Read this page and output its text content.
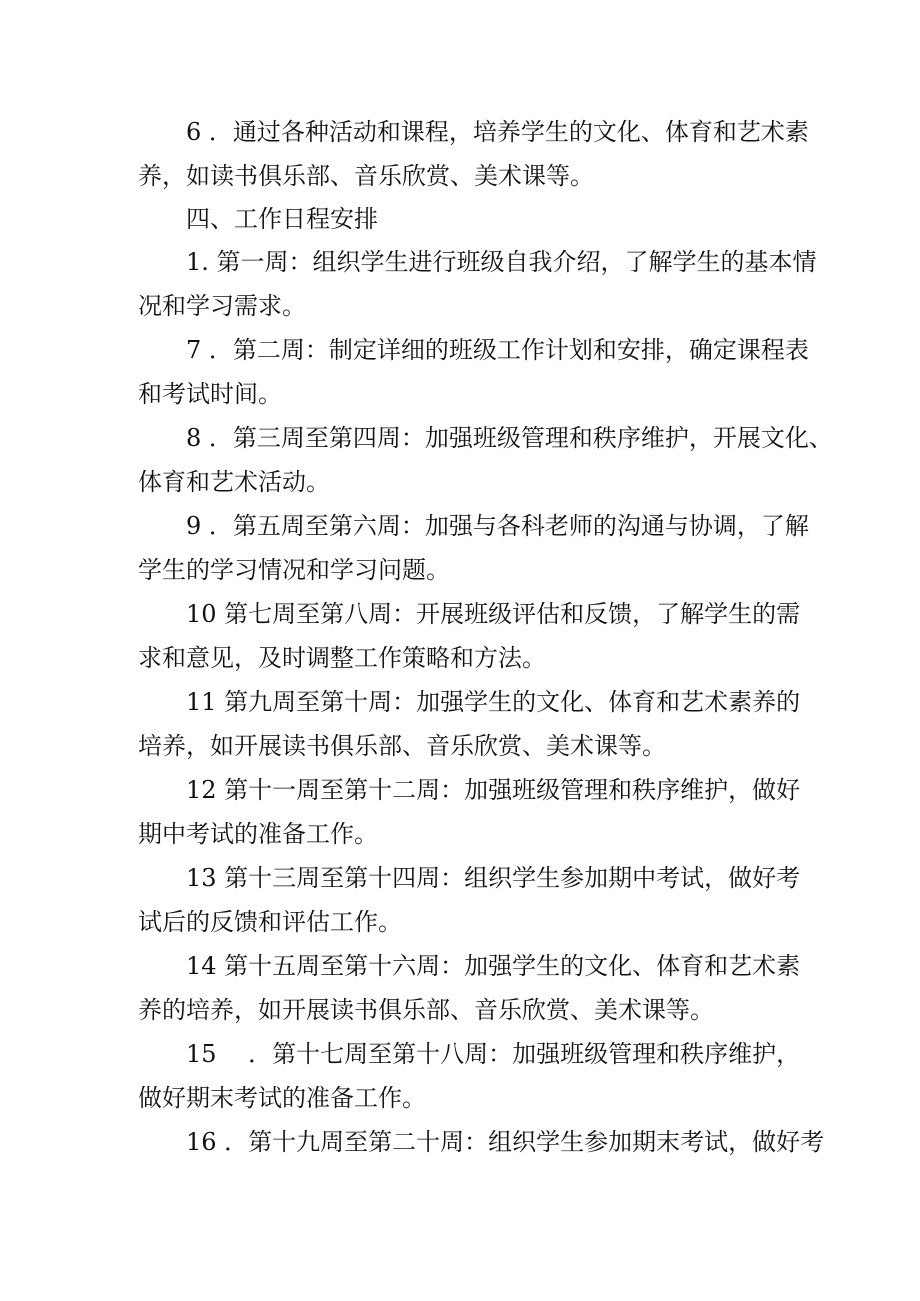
6 ．通过各种活动和课程，培养学生的文化、体育和艺术素
养，如读书俱乐部、音乐欣赏、美术课等。
四、工作日程安排
1. 第一周：组织学生进行班级自我介绍，了解学生的基本情
况和学习需求。
7 ．第二周：制定详细的班级工作计划和安排，确定课程表
和考试时间。
8 ．第三周至第四周：加强班级管理和秩序维护，开展文化、
体育和艺术活动。
9 ．第五周至第六周：加强与各科老师的沟通与协调，了解
学生的学习情况和学习问题。
10 第七周至第八周：开展班级评估和反馈，了解学生的需
求和意见，及时调整工作策略和方法。
11 第九周至第十周：加强学生的文化、体育和艺术素养的
培养，如开展读书俱乐部、音乐欣赏、美术课等。
12 第十一周至第十二周：加强班级管理和秩序维护，做好
期中考试的准备工作。
13 第十三周至第十四周：组织学生参加期中考试，做好考
试后的反馈和评估工作。
14 第十五周至第十六周：加强学生的文化、体育和艺术素
养的培养，如开展读书俱乐部、音乐欣赏、美术课等。
15　 ．第十七周至第十八周：加强班级管理和秩序维护，
做好期末考试的准备工作。
16 ．第十九周至第二十周：组织学生参加期末考试，做好考
